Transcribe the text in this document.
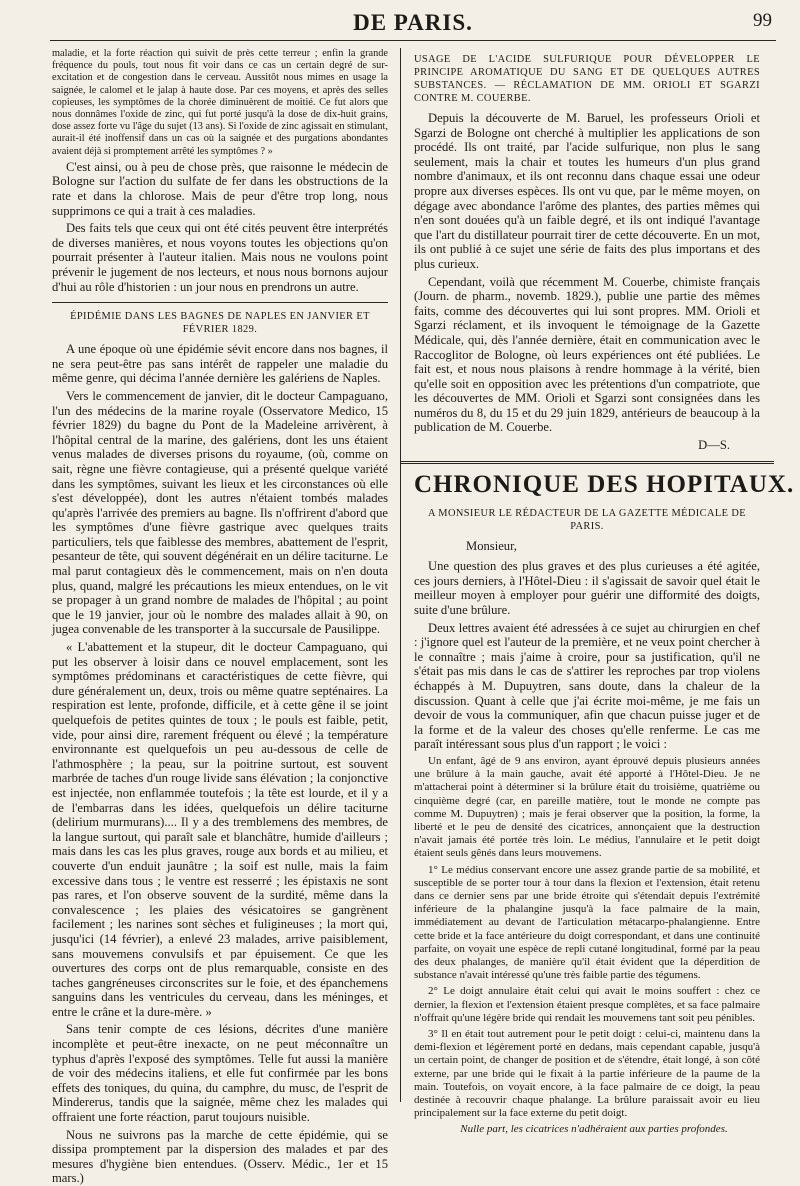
DE PARIS.	99

maladie, et la forte réaction qui suivit de près cette terreur ; enfin la grande fréquence du pouls, tout nous fit voir dans ce cas un certain degré de sur-excitation et de congestion dans le cerveau. Aussitôt nous mimes en usage la saignée, le calomel et le jalap à haute dose. Par ces moyens, et après des selles copieuses, les symptômes de la chorée diminuèrent de moitié. Ce fut alors que nous donnâmes l'oxide de zinc, qui fut porté jusqu'à la dose de dix-huit grains, dose assez forte vu l'âge du sujet (13 ans). Si l'oxide de zinc agissait en stimulant, aurait-il été inoffensif dans un cas où la saignée et des purgations abondantes avaient déjà si promptement arrêté les symptômes ? »

C'est ainsi, ou à peu de chose près, que raisonne le médecin de Bologne sur l'action du sulfate de fer dans les obstructions de la rate et dans la chlorose. Mais de peur d'être trop long, nous supprimons ce qui a trait à ces maladies.

Des faits tels que ceux qui ont été cités peuvent être interprétés de diverses manières, et nous voyons toutes les objections qu'on pourrait présenter à l'auteur italien. Mais nous ne voulons point prévenir le jugement de nos lecteurs, et nous nous bornons aujour d'hui au rôle d'historien : un jour nous en prendrons un autre.

ÉPIDÉMIE DANS LES BAGNES DE NAPLES EN JANVIER ET FÉVRIER 1829.

A une époque où une épidémie sévit encore dans nos bagnes, il ne sera peut-être pas sans intérêt de rappeler une maladie du même genre, qui décima l'année dernière les galériens de Naples.

Vers le commencement de janvier, dit le docteur Campaguano, l'un des médecins de la marine royale (Osservatore Medico, 15 février 1829) du bagne du Pont de la Madeleine arrivèrent, à l'hôpital central de la marine, des galériens, dont les uns étaient venus malades de diverses prisons du royaume, (où, comme on sait, règne une fièvre contagieuse, qui a présenté quelque variété dans les symptômes, suivant les lieux et les circonstances où elle s'est développée), dont les autres n'étaient tombés malades qu'après l'arrivée des premiers au bagne. Ils n'offrirent d'abord que les symptômes d'une fièvre gastrique avec quelques traits particuliers, tels que faiblesse des membres, abattement de l'esprit, pesanteur de tête, qui souvent dégénérait en un délire taciturne. Le mal parut contagieux dès le commencement, mais on n'en douta plus, quand, malgré les précautions les mieux entendues, on le vit se propager à un grand nombre de malades de l'hôpital ; au point que le 19 janvier, jour où le nombre des malades allait à 90, on jugea convenable de les transporter à la succursale de Pausilippe.

« L'abattement et la stupeur, dit le docteur Campaguano, qui put les observer à loisir dans ce nouvel emplacement, sont les symptômes prédominans et caractéristiques de cette fièvre, qui dure généralement un, deux, trois ou même quatre septénaires. La respiration est lente, profonde, difficile, et à cette gêne il se joint quelquefois de petites quintes de toux ; le pouls est faible, petit, vide, pour ainsi dire, rarement fréquent ou élevé ; la température environnante est quelquefois un peu au-dessous de celle de l'athmosphère ; la peau, sur la poitrine surtout, est souvent marbrée de taches d'un rouge livide sans élévation ; la conjonctive est injectée, non enflammée toutefois ; la tête est lourde, et il y a de l'embarras dans les idées, quelquefois un délire taciturne (delirium murmurans).... Il y a des tremblemens des membres, de la langue surtout, qui paraît sale et blanchâtre, humide d'ailleurs ; mais dans les cas les plus graves, rouge aux bords et au milieu, et couverte d'un enduit jaunâtre ; la soif est nulle, mais la faim excessive dans tous ; le ventre est resserré ; les épistaxis ne sont pas rares, et l'on observe souvent de la surdité, même dans la convalescence ; les plaies des vésicatoires se gangrènent facilement ; les narines sont sèches et fuligineuses ; la mort qui, jusqu'ici (14 février), a enlevé 23 malades, arrive paisiblement, sans mouvemens convulsifs et par épuisement. Ce que les ouvertures des corps ont de plus remarquable, consiste en des taches gangréneuses circonscrites sur le foie, et des épanchemens sanguins dans les ventricules du cerveau, dans les méninges, et entre le crâne et la dure-mère. »

Sans tenir compte de ces lésions, décrites d'une manière incomplète et peut-être inexacte, on ne peut méconnaître un typhus d'après l'exposé des symptômes. Telle fut aussi la manière de voir des médecins italiens, et elle fut confirmée par les bons effets des toniques, du quina, du camphre, du musc, de l'esprit de Mindererus, tandis que la saignée, même chez les malades qui offraient une forte réaction, parut toujours nuisible.

Nous ne suivrons pas la marche de cette épidémie, qui se dissipa promptement par la dispersion des malades et par des mesures d'hygiène bien entendues. (Osserv. Médic., 1er et 15 mars.)

USAGE DE L'ACIDE SULFURIQUE POUR DÉVELOPPER LE PRINCIPE AROMATIQUE DU SANG ET DE QUELQUES AUTRES SUBSTANCES. — RÉCLAMATION DE MM. ORIOLI ET SGARZI CONTRE M. COUERBE.

Depuis la découverte de M. Baruel, les professeurs Orioli et Sgarzi de Bologne ont cherché à multiplier les applications de son procédé. Ils ont traité, par l'acide sulfurique, non plus le sang seulement, mais la chair et toutes les humeurs d'un plus grand nombre d'animaux, et ils ont reconnu dans chaque essai une odeur propre aux diverses espèces. Ils ont vu que, par le même moyen, on dégage avec abondance l'arôme des plantes, des parties mêmes qui n'en sont douées qu'à un faible degré, et ils ont indiqué l'avantage que l'art du distillateur pourrait tirer de cette découverte. En un mot, ils ont publié à ce sujet une série de faits des plus importans et des plus curieux.

Cependant, voilà que récemment M. Couerbe, chimiste français (Journ. de pharm., novemb. 1829.), publie une partie des mêmes faits, comme des découvertes qui lui sont propres. MM. Orioli et Sgarzi réclament, et ils invoquent le témoignage de la Gazette Médicale, qui, dès l'année dernière, était en communication avec le Raccoglitor de Bologne, où leurs expériences ont été publiées. Le fait est, et nous nous plaisons à rendre hommage à la vérité, bien qu'elle soit en opposition avec les prétentions d'un compatriote, que les découvertes de MM. Orioli et Sgarzi sont consignées dans les numéros du 8, du 15 et du 29 juin 1829, antérieurs de beaucoup à la publication de M. Couerbe.

D—S.
CHRONIQUE DES HOPITAUX.

A MONSIEUR LE RÉDACTEUR DE LA GAZETTE MÉDICALE DE PARIS.

Monsieur,

Une question des plus graves et des plus curieuses a été agitée, ces jours derniers, à l'Hôtel-Dieu : il s'agissait de savoir quel était le meilleur moyen à employer pour guérir une difformité des doigts, suite d'une brûlure.

Deux lettres avaient été adressées à ce sujet au chirurgien en chef : j'ignore quel est l'auteur de la première, et ne veux point chercher à le connaître ; mais j'aime à croire, pour sa justification, qu'il ne s'était pas mis dans le cas de s'attirer les reproches par trop violens échappés à M. Dupuytren, sans doute, dans la chaleur de la discussion. Quant à celle que j'ai écrite moi-même, je me fais un devoir de vous la communiquer, afin que chacun puisse juger et de la forme et de la valeur des choses qu'elle renferme. Le cas me paraît intéressant sous plus d'un rapport ; le voici :

Un enfant, âgé de 9 ans environ, ayant éprouvé depuis plusieurs années une brûlure à la main gauche, avait été apporté à l'Hôtel-Dieu. Je ne m'attacherai point à déterminer si la brûlure était du troisième, quatrième ou cinquième degré (car, en pareille matière, tout le monde ne compte pas comme M. Dupuytren) ; mais je ferai observer que la position, la forme, la liberté et le peu de densité des cicatrices, annonçaient que la destruction n'avait jamais été portée très loin. Le médius, l'annulaire et le petit doigt étaient seuls gênés dans leurs mouvemens.

1° Le médius conservant encore une assez grande partie de sa mobilité, et susceptible de se porter tour à tour dans la flexion et l'extension, était retenu dans ce dernier sens par une bride étroite qui s'étendait depuis l'extrémité inférieure de la phalangine jusqu'à la face palmaire de la main, immédiatement au devant de l'articulation métacarpo-phalangienne. Entre cette bride et la face antérieure du doigt correspondant, et dans une continuité parfaite, on voyait une espèce de repli cutané longitudinal, formé par la peau des deux phalanges, de manière qu'il était évident que la déperdition de substance n'avait intéressé qu'une très faible partie des tégumens.

2° Le doigt annulaire était celui qui avait le moins souffert : chez ce dernier, la flexion et l'extension étaient presque complètes, et sa face palmaire n'offrait qu'une légère bride qui rendait les mouvemens tant soit peu pénibles.

3° Il en était tout autrement pour le petit doigt : celui-ci, maintenu dans la demi-flexion et légèrement porté en dedans, mais cependant capable, jusqu'à un certain point, de changer de position et de s'étendre, était longé, à son côté externe, par une bride qui le fixait à la partie inférieure de la paume de la main. Toutefois, on voyait encore, à la face palmaire de ce doigt, la peau destinée à recouvrir chaque phalange. La brûlure paraissait avoir eu lieu principalement sur la face externe du petit doigt.

Nulle part, les cicatrices n'adhéraient aux parties profondes.
